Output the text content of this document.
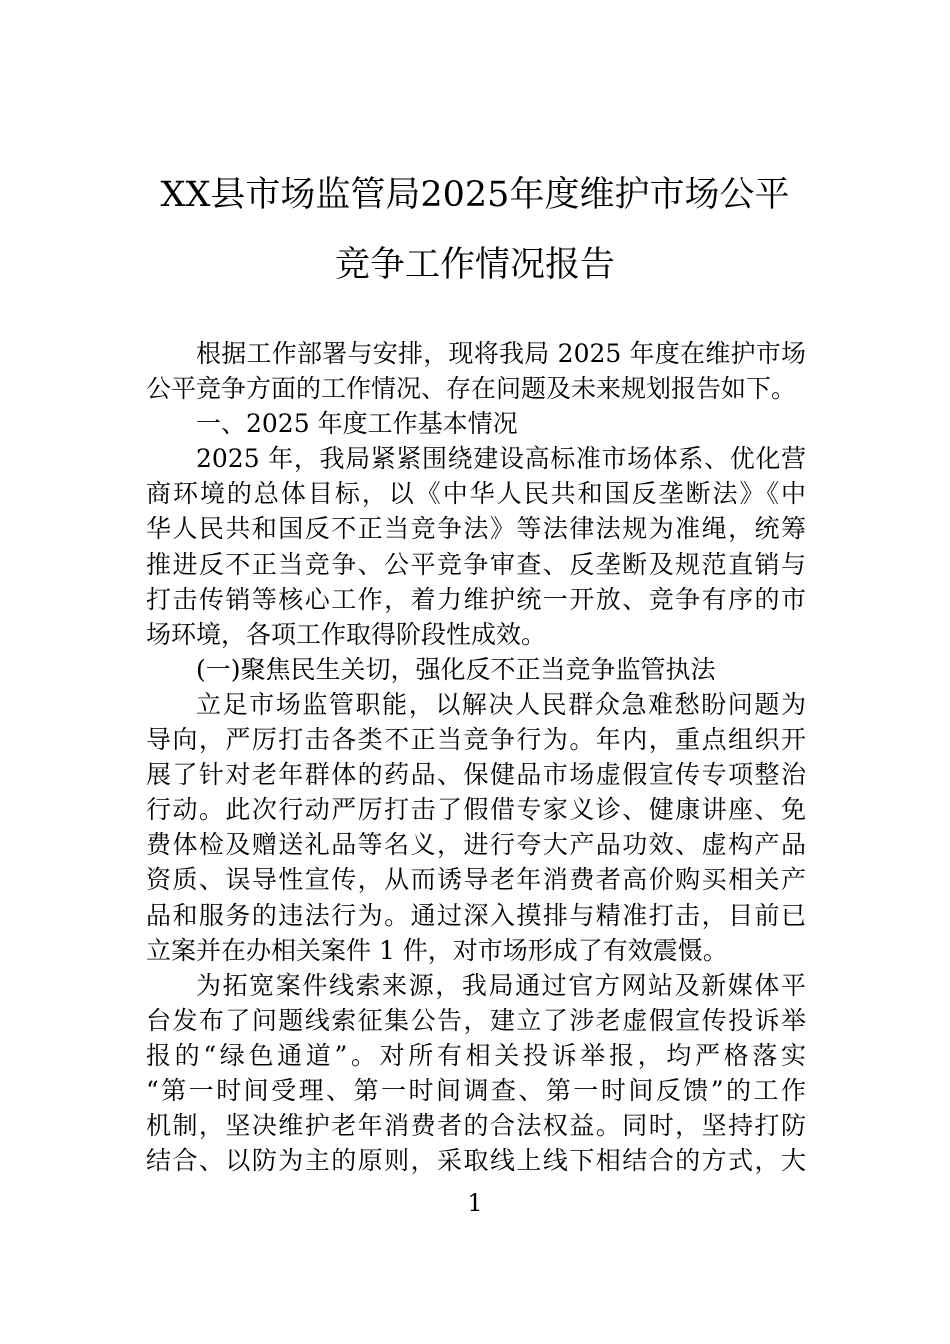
XX县市场监管局2025年度维护市场公平
竞争工作情况报告
根据工作部署与安排，现将我局 2025 年度在维护市场
公平竞争方面的工作情况、存在问题及未来规划报告如下。
一、2025 年度工作基本情况
2025 年，我局紧紧围绕建设高标准市场体系、优化营
商环境的总体目标，以《中华人民共和国反垄断法》《中
华人民共和国反不正当竞争法》等法律法规为准绳，统筹
推进反不正当竞争、公平竞争审查、反垄断及规范直销与
打击传销等核心工作，着力维护统一开放、竞争有序的市
场环境，各项工作取得阶段性成效。
(一)聚焦民生关切，强化反不正当竞争监管执法
立足市场监管职能，以解决人民群众急难愁盼问题为
导向，严厉打击各类不正当竞争行为。年内，重点组织开
展了针对老年群体的药品、保健品市场虚假宣传专项整治
行动。此次行动严厉打击了假借专家义诊、健康讲座、免
费体检及赠送礼品等名义，进行夸大产品功效、虚构产品
资质、误导性宣传，从而诱导老年消费者高价购买相关产
品和服务的违法行为。通过深入摸排与精准打击，目前已
立案并在办相关案件 1 件，对市场形成了有效震慑。
为拓宽案件线索来源，我局通过官方网站及新媒体平
台发布了问题线索征集公告，建立了涉老虚假宣传投诉举
报的“绿色通道”。对所有相关投诉举报，均严格落实
“第一时间受理、第一时间调查、第一时间反馈”的工作
机制，坚决维护老年消费者的合法权益。同时，坚持打防
结合、以防为主的原则，采取线上线下相结合的方式，大
1
